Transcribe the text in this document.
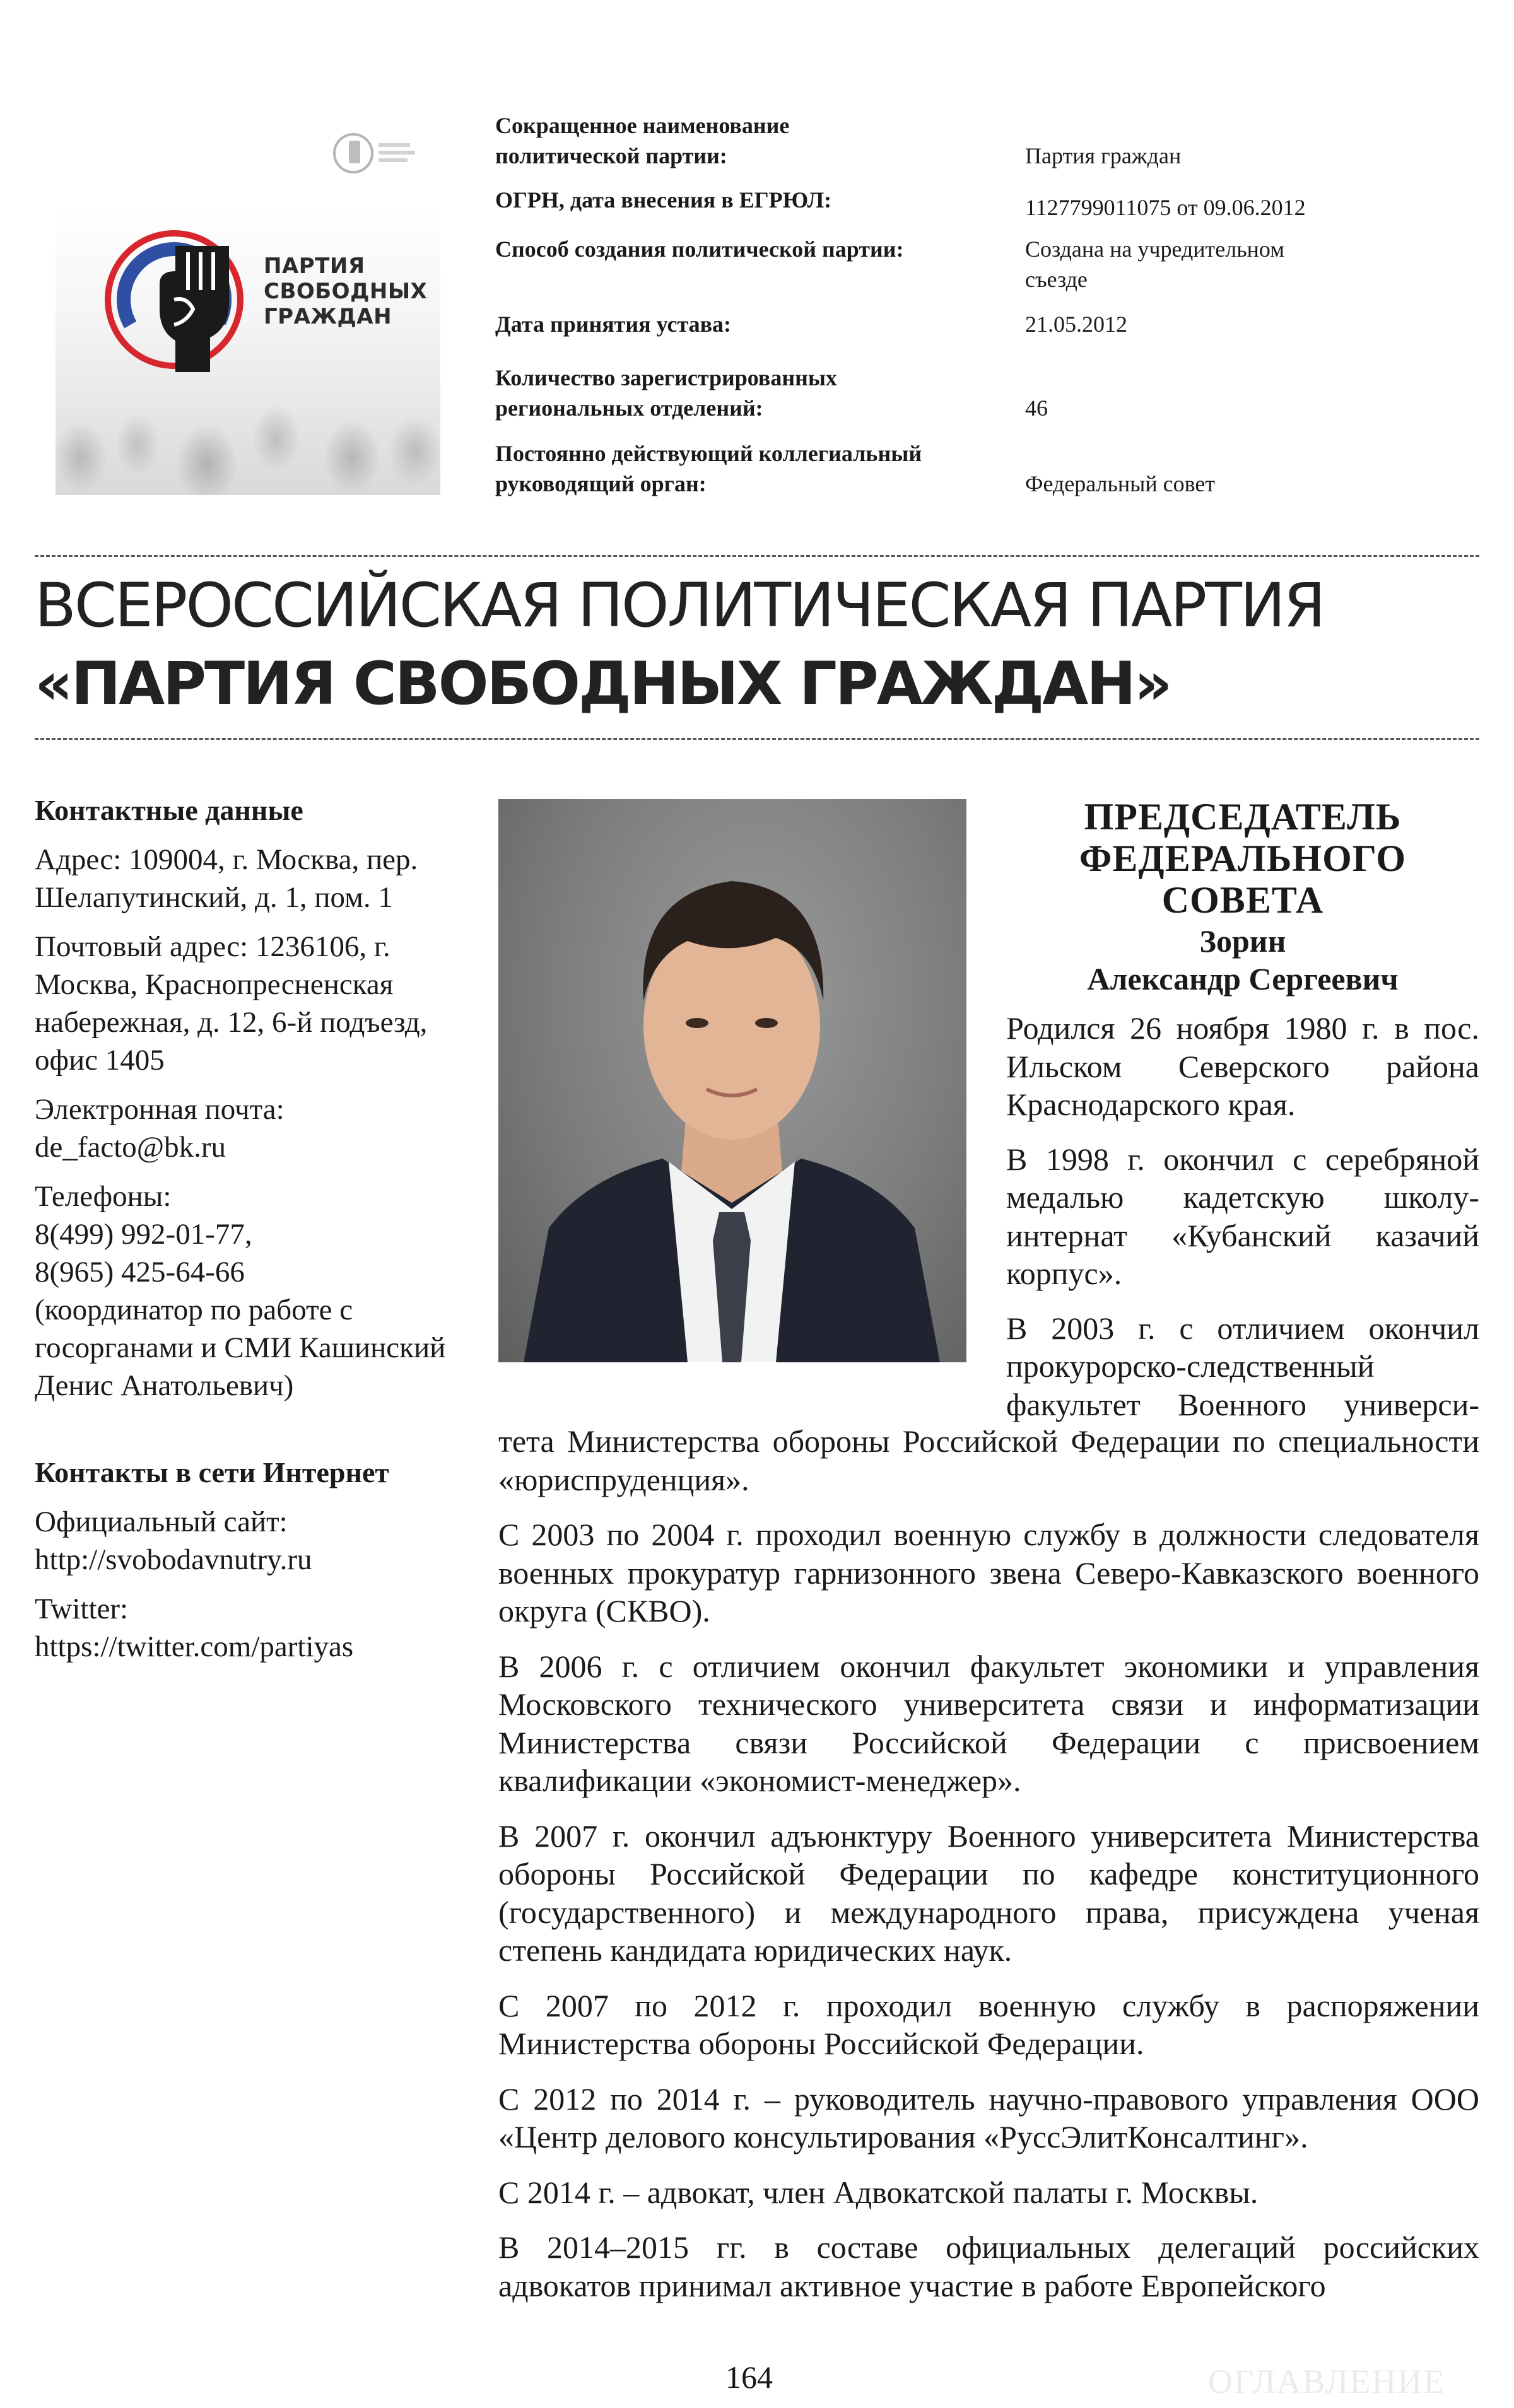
ПАРТИЯ
СВОБОДНЫХ
ГРАЖДАН
Сокращенное наименование политической партии:	Партия граждан
ОГРН, дата внесения в ЕГРЮЛ:	1127799011075 от 09.06.2012
Способ создания политической партии:	Создана на учредительном съезде
Дата принятия устава:	21.05.2012
Количество зарегистрированных региональных отделений:	46
Постоянно действующий коллегиальный руководящий орган:	Федеральный совет
ВСЕРОССИЙСКАЯ ПОЛИТИЧЕСКАЯ ПАРТИЯ
«ПАРТИЯ СВОБОДНЫХ ГРАЖДАН»
Контактные данные

Адрес: 109004, г. Москва, пер. Шелапутинский, д. 1, пом. 1

Почтовый адрес: 1236106, г. Москва, Краснопресненская набережная, д. 12, 6-й подъезд, офис 1405

Электронная почта:

de_facto@bk.ru

Телефоны:
8(499) 992-01-77,
8(965) 425-64-66

(координатор по работе с госорганами и СМИ Кашинский Денис Анатольевич)

Контакты в сети Интернет
Официальный сайт:

http://svobodavnutry.ru

Twitter:

https://twitter.com/partiyas

ПРЕДСЕДАТЕЛЬ
ФЕДЕРАЛЬНОГО
СОВЕТА
Зорин
Александр Сергеевич

Родился 26 ноября 1980 г. в пос. Ильском Северского района Краснодарского края.

В 1998 г. окончил с серебряной медалью кадетскую школу-интернат «Кубанский казачий корпус».

В 2003 г. с отличием окончил прокурорско-следственный факультет Военного универси-

тета Министерства обороны Российской Федерации по специальности «юриспруденция».

С 2003 по 2004 г. проходил военную службу в должности следователя военных прокуратур гарнизонного звена Северо-Кавказского военного округа (СКВО).

В 2006 г. с отличием окончил факультет экономики и управления Московского технического университета связи и информатизации Министерства связи Российской Федерации с присвоением квалификации «экономист-менеджер».

В 2007 г. окончил адъюнктуру Военного университета Министерства обороны Российской Федерации по кафедре конституционного (государственного) и международного права, присуждена ученая степень кандидата юридических наук.

С 2007 по 2012 г. проходил военную службу в распоряжении Министерства обороны Российской Федерации.

С 2012 по 2014 г. – руководитель научно-правового управления ООО «Центр делового консультирования «РуссЭлитКонсалтинг».

С 2014 г. – адвокат, член Адвокатской палаты г. Москвы.

В 2014–2015 гг. в составе официальных делегаций российских адвокатов принимал активное участие в работе Европейского

164	ОГЛАВЛЕНИЕ
